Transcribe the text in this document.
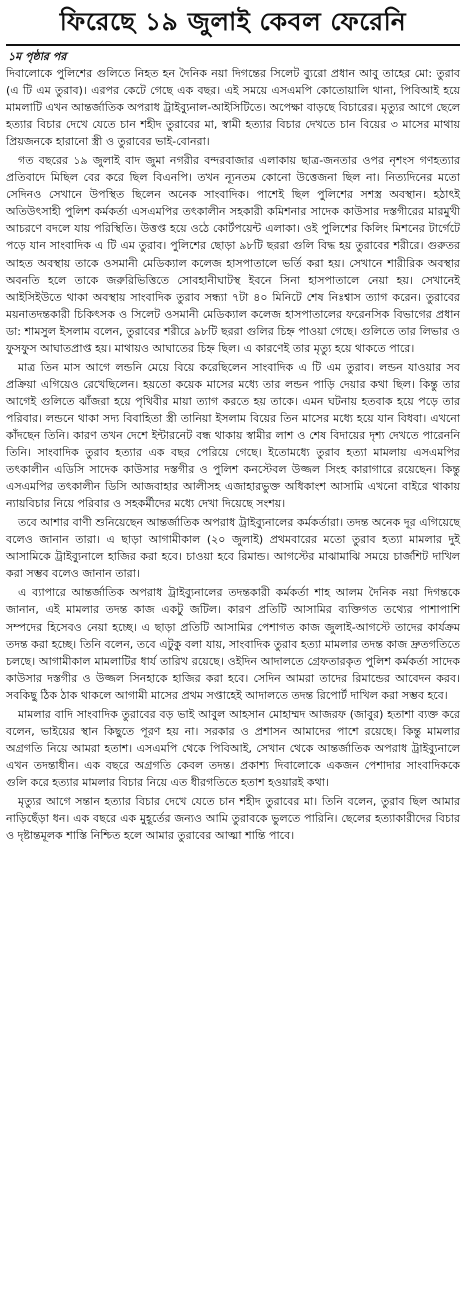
ফিরেছে ১৯ জুলাই কেবল ফেরেনি
১ম পৃষ্ঠার পর

দিবালোকে পুলিশের গুলিতে নিহত হন দৈনিক নয়া দিগন্তের সিলেট ব্যুরো প্রধান আবু তাহের মো: তুরাব (এ টি এম তুরাব)। এরপর কেটে গেছে এক বছর। এই সময়ে এসএমপি কোতোয়ালি থানা, পিবিআই হয়ে মামলাটি এখন আন্তর্জাতিক অপরাধ ট্রাইব্যুনাল-আইসিটিতে। অপেক্ষা বাড়ছে বিচারের। মৃত্যুর আগে ছেলে হত্যার বিচার দেখে যেতে চান শহীদ তুরাবের মা, স্বামী হত্যার বিচার দেখতে চান বিয়ের ৩ মাসের মাথায় প্রিয়জনকে হারানো স্ত্রী ও তুরাবের ভাই-বোনরা।

গত বছরের ১৯ জুলাই বাদ জুমা নগরীর বন্দরবাজার এলাকায় ছাত্র-জনতার ওপর নৃশংস গণহত্যার প্রতিবাদে মিছিল বের করে ছিল বিএনপি। তখন ন্যূনতম কোনো উত্তেজনা ছিল না। নিত্যদিনের মতো সেদিনও সেখানে উপস্থিত ছিলেন অনেক সাংবাদিক। পাশেই ছিল পুলিশের সশস্ত্র অবস্থান। হঠাৎই অতিউৎসাহী পুলিশ কর্মকর্তা এসএমপির তৎকালীন সহকারী কমিশনার সাদেক কাউসার দস্তগীরের মারমুখী আচরণে বদলে যায় পরিস্থিতি। উত্তপ্ত হয়ে ওঠে কোর্টপয়েন্ট এলাকা। ওই পুলিশের কিলিং মিশনের টার্গেটে পড়ে যান সাংবাদিক এ টি এম তুরাব। পুলিশের ছোড়া ৯৮টি ছররা গুলি বিদ্ধ হয় তুরাবের শরীরে। গুরুতর আহত অবস্থায় তাকে ওসমানী মেডিক্যাল কলেজ হাসপাতালে ভর্তি করা হয়। সেখানে শারীরিক অবস্থার অবনতি হলে তাকে জরুরিভিত্তিতে সোবহানীঘাটস্থ ইবনে সিনা হাসপাতালে নেয়া হয়। সেখানেই আইসিইউতে থাকা অবস্থায় সাংবাদিক তুরাব সন্ধ্যা ৭টা ৪০ মিনিটে শেষ নিঃশ্বাস ত্যাগ করেন। তুরাবের ময়নাতদন্তকারী চিকিৎসক ও সিলেট ওসমানী মেডিক্যাল কলেজ হাসপাতালের ফরেনসিক বিভাগের প্রধান ডা: শামসুল ইসলাম বলেন, তুরাবের শরীরে ৯৮টি ছররা গুলির চিহ্ন পাওয়া গেছে। গুলিতে তার লিভার ও ফুসফুস আঘাতপ্রাপ্ত হয়। মাথায়ও আঘাতের চিহ্ন ছিল। এ কারণেই তার মৃত্যু হয়ে থাকতে পারে।

মাত্র তিন মাস আগে লন্ডনি মেয়ে বিয়ে করেছিলেন সাংবাদিক এ টি এম তুরাব। লন্ডন যাওয়ার সব প্রক্রিয়া এগিয়েও রেখেছিলেন। হয়তো কয়েক মাসের মধ্যে তার লন্ডন পাড়ি দেয়ার কথা ছিল। কিন্তু তার আগেই গুলিতে ঝাঁজরা হয়ে পৃথিবীর মায়া ত্যাগ করতে হয় তাকে। এমন ঘটনায় হতবাক হয়ে পড়ে তার পরিবার। লন্ডনে থাকা সদ্য বিবাহিতা স্ত্রী তানিয়া ইসলাম বিয়ের তিন মাসের মধ্যে হয়ে যান বিধবা। এখনো কাঁদছেন তিনি। কারণ তখন দেশে ইন্টারনেট বন্ধ থাকায় স্বামীর লাশ ও শেষ বিদায়ের দৃশ্য দেখতে পারেননি তিনি। সাংবাদিক তুরাব হত্যার এক বছর পেরিয়ে গেছে। ইতোমধ্যে তুরাব হত্যা মামলায় এসএমপির তৎকালীন এডিসি সাদেক কাউসার দস্তগীর ও পুলিশ কনস্টেবল উজ্জল সিংহ কারাগারে রয়েছেন। কিন্তু এসএমপির তৎকালীন ডিসি আজবাহার আলীসহ এজাহারভুক্ত অধিকাংশ আসামি এখনো বাইরে থাকায় ন্যায়বিচার নিয়ে পরিবার ও সহকর্মীদের মধ্যে দেখা দিয়েছে সংশয়।

তবে আশার বাণী শুনিয়েছেন আন্তর্জাতিক অপরাধ ট্রাইব্যুনালের কর্মকর্তারা। তদন্ত অনেক দূর এগিয়েছে বলেও জানান তারা। এ ছাড়া আগামীকাল (২০ জুলাই) প্রথমবারের মতো তুরাব হত্যা মামলার দুই আসামিকে ট্রাইব্যুনালে হাজির করা হবে। চাওয়া হবে রিমান্ড। আগস্টের মাঝামাঝি সময়ে চার্জশিট দাখিল করা সম্ভব বলেও জানান তারা।

এ ব্যাপারে আন্তর্জাতিক অপরাধ ট্রাইব্যুনালের তদন্তকারী কর্মকর্তা শাহ আলম দৈনিক নয়া দিগন্তকে জানান, এই মামলার তদন্ত কাজ একটু জটিল। কারণ প্রতিটি আসামির ব্যক্তিগত তথ্যের পাশাপাশি সম্পদের হিসেবও নেয়া হচ্ছে। এ ছাড়া প্রতিটি আসামির পেশাগত কাজ জুলাই-আগস্টে তাদের কার্যক্রম তদন্ত করা হচ্ছে। তিনি বলেন, তবে এটুকু বলা যায়, সাংবাদিক তুরাব হত্যা মামলার তদন্ত কাজ দ্রুতগতিতে চলছে। আগামীকাল মামলাটির ধার্য তারিখ রয়েছে। ওইদিন আদালতে গ্রেফতারকৃত পুলিশ কর্মকর্তা সাদেক কাউসার দস্তগীর ও উজ্জল সিনহাকে হাজির করা হবে। সেদিন আমরা তাদের রিমান্ডের আবেদন করব। সবকিছু ঠিক ঠাক থাকলে আগামী মাসের প্রথম সপ্তাহেই আদালতে তদন্ত রিপোর্ট দাখিল করা সম্ভব হবে।

মামলার বাদি সাংবাদিক তুরাবের বড় ভাই আবুল আহসান মোহাম্মদ আজরফ (জাবুর) হতাশা ব্যক্ত করে বলেন, ভাইয়ের স্থান কিছুতে পূরণ হয় না। সরকার ও প্রশাসন আমাদের পাশে রয়েছে। কিন্তু মামলার অগ্রগতি নিয়ে আমরা হতাশ। এসএমপি থেকে পিবিআই, সেখান থেকে আন্তর্জাতিক অপরাধ ট্রাইব্যুনালে এখন তদন্তাধীন। এক বছরে অগ্রগতি কেবল তদন্ত। প্রকাশ্য দিবালোকে একজন পেশাদার সাংবাদিককে গুলি করে হত্যার মামলার বিচার নিয়ে এত ধীরগতিতে হতাশ হওয়ারই কথা।

মৃত্যুর আগে সন্তান হত্যার বিচার দেখে যেতে চান শহীদ তুরাবের মা। তিনি বলেন, তুরাব ছিল আমার নাড়িছেঁড়া ধন। এক বছরে এক মুহূর্তের জন্যও আমি তুরাবকে ভুলতে পারিনি। ছেলের হত্যাকারীদের বিচার ও দৃষ্টান্তমূলক শাস্তি নিশ্চিত হলে আমার তুরাবের আত্মা শান্তি পাবে।
